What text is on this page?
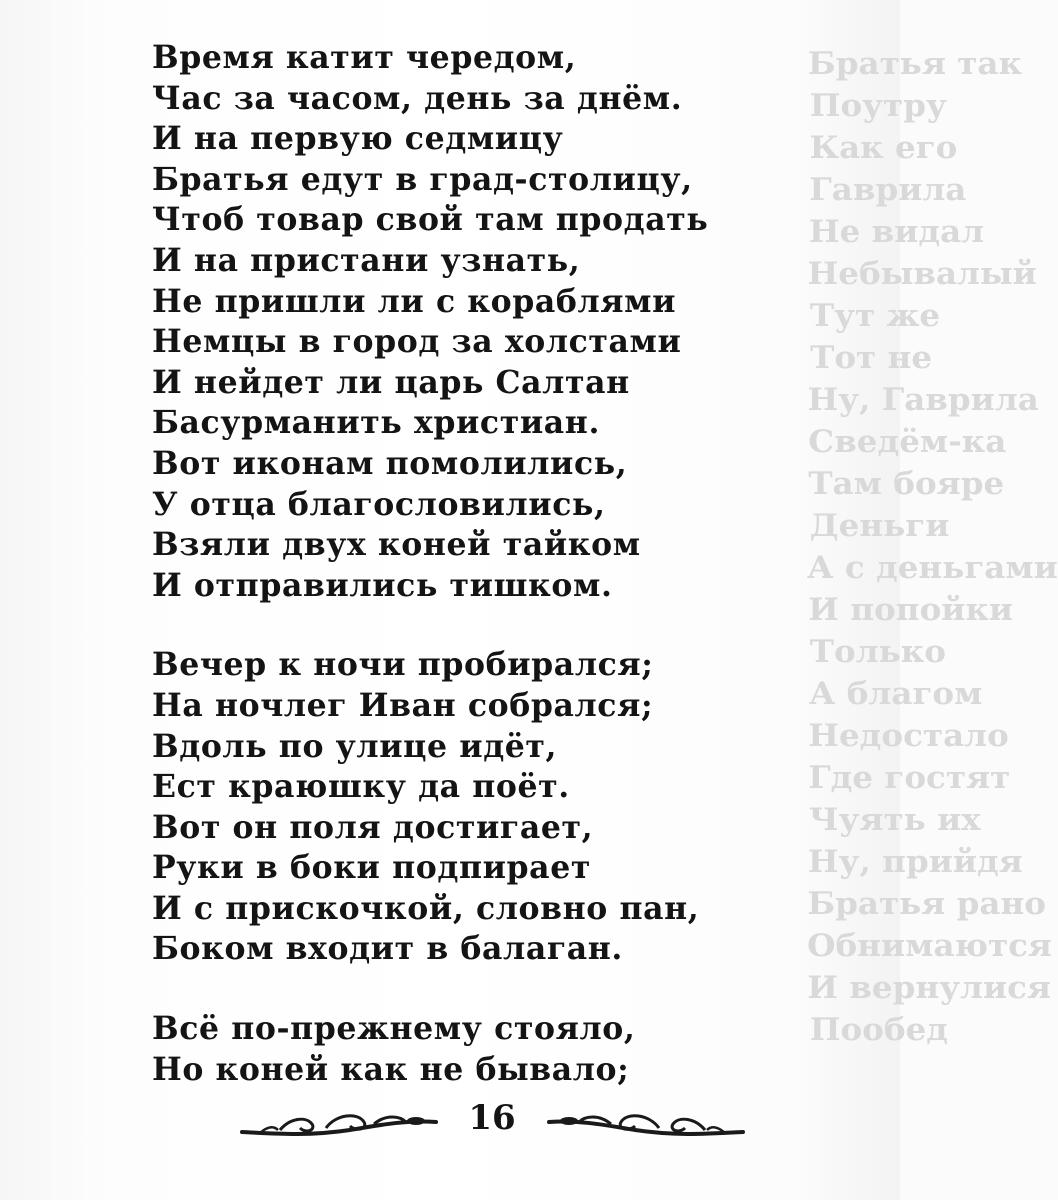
Братья так
Поутру
Как его
Гаврила
Не видал
Небывалый
Тут же
Тот не
Ну, Гаврила
Сведём-ка
Там бояре
Деньги
А с деньгами
И попойки
Только
А благом
Недостало
Где гостят
Чуять их
Ну, прийдя
Братья рано
Обнимаются
И вернулися
Пообед
Время катит чередом,
Час за часом, день за днём.
И на первую седмицу
Братья едут в град-столицу,
Чтоб товар свой там продать
И на пристани узнать,
Не пришли ли с кораблями
Немцы в город за холстами
И нейдет ли царь Салтан
Басурманить христиан.
Вот иконам помолились,
У отца благословились,
Взяли двух коней тайком
И отправились тишком.
Вечер к ночи пробирался;
На ночлег Иван собрался;
Вдоль по улице идёт,
Ест краюшку да поёт.
Вот он поля достигает,
Руки в боки подпирает
И с прискочкой, словно пан,
Боком входит в балаган.
Всё по-прежнему стояло,
Но коней как не бывало;
16
